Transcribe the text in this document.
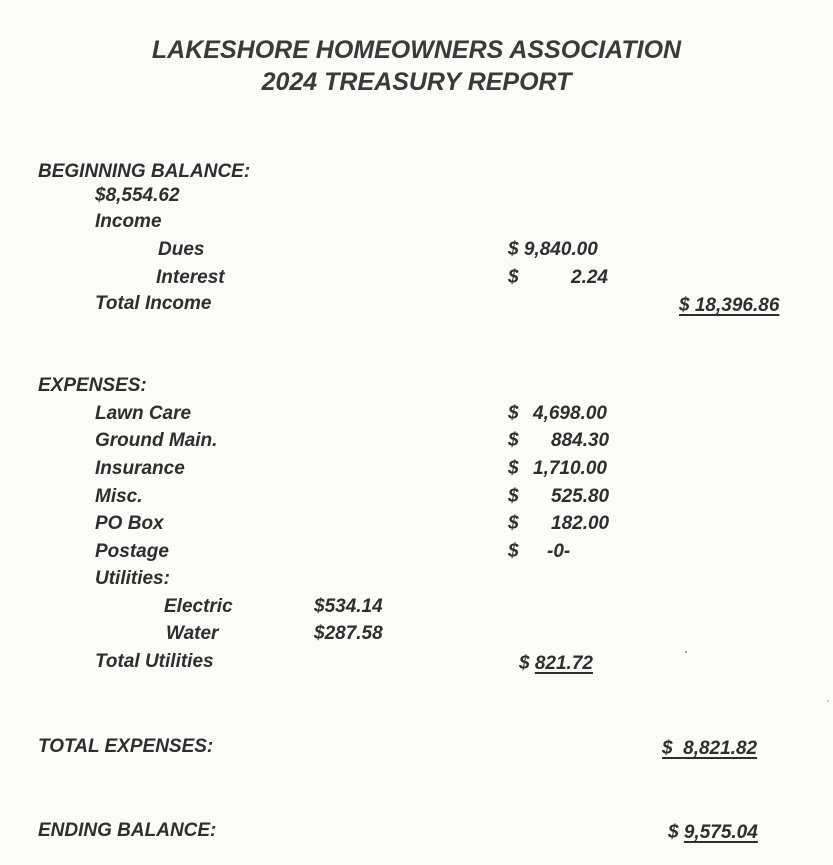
LAKESHORE HOMEOWNERS ASSOCIATION
2024 TREASURY REPORT
BEGINNING BALANCE:
$8,554.62
Income
Dues	$ 9,840.00
Interest	$	2.24
Total Income	$ 18,396.86
EXPENSES:
Lawn Care	$ 4,698.00
Ground Main.	$ 884.30
Insurance	$ 1,710.00
Misc.	$ 525.80
PO Box	$ 182.00
Postage	$ -0-
Utilities:
Electric	$534.14
Water	$287.58
Total Utilities	$ 821.72
TOTAL EXPENSES:	$ 8,821.82
ENDING BALANCE:	$ 9,575.04
